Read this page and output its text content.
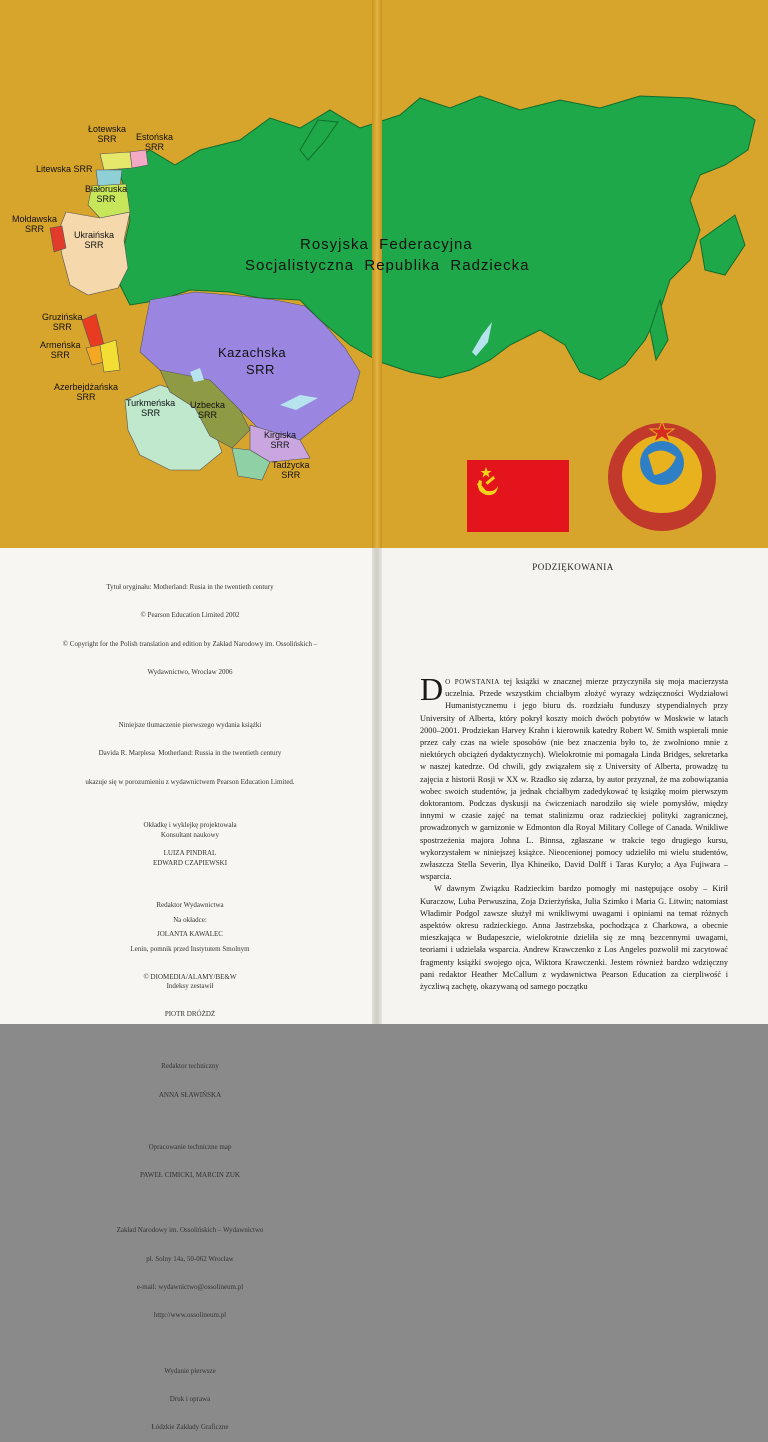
Rosyjska  Federacyjna
Socjalistyczna  Republika  Radziecka
Kazachska
SRR
Łotewska
SRR	Estońska
SRR
Litewska SRR
Białoruska
SRR
Mołdawska
SRR
Ukraińska
SRR
Gruzińska
SRR
Armeńska
SRR
Azerbejdżańska
SRR
Turkmeńska
SRR
Uzbecka
SRR
Kirgiska
SRR
Tadżycka
SRR

Tytuł oryginału: Motherland: Rusia in the twentieth century

© Pearson Education Limited 2002

© Copyright for the Polish translation and edition by Zakład Narodowy im. Ossolińskich –

Wydawnictwo, Wrocław 2006

Niniejsze tłumaczenie pierwszego wydania książki

Davida R. Marplesa  Motherland: Russia in the twentieth century

ukazuje się w porozumieniu z wydawnictwem Pearson Education Limited.

Konsultant naukowy

EDWARD CZAPIEWSKI

Na okładce:

Lenin, pomnik przed Instytutem Smolnym

© DIOMEDIA/ALAMY/BE&W

Okładkę i wyklejkę projektowała

LUIZA PINDRAL

Redaktor Wydawnictwa

JOLANTA KAWALEC

Indeksy zestawił

PIOTR DRÓŻDŻ

Redaktor techniczny

ANNA SŁAWIŃSKA

Opracowanie techniczne map

PAWEŁ CIMICKI, MARCIN ZUK

Zakład Narodowy im. Ossolińskich – Wydawnictwo

pl. Solny 14a, 50-062 Wrocław

e-mail: wydawnictwo@ossolineum.pl

http://www.ossolineum.pl

Wydanie pierwsze

Druk i oprawa

Łódzkie Zakłady Graficzne

PODZIĘKOWANIA

D O POWSTANIA tej książki w znacznej mierze przyczyniła się moja macierzysta uczelnia. Przede wszystkim chciałbym złożyć wyrazy wdzięczności Wydziałowi Humanistycznemu i jego biuru ds. rozdziału funduszy stypendialnych przy University of Alberta, który pokrył koszty moich dwóch pobytów w Moskwie w latach 2000–2001. Prodziekan Harvey Krahn i kierownik katedry Robert W. Smith wspierali mnie przez cały czas na wiele sposobów (nie bez znaczenia było to, że zwolniono mnie z niektórych obciążeń dydaktycznych). Wielokrotnie mi pomagała Linda Bridges, sekretarka w naszej katedrze. Od chwili, gdy związałem się z University of Alberta, prowadzę tu zajęcia z historii Rosji w XX w. Rzadko się zdarza, by autor przyznał, że ma zobowiązania wobec swoich studentów, ja jednak chciałbym zadedykować tę książkę moim pierwszym doktorantom. Podczas dyskusji na ćwiczeniach narodziło się wiele pomysłów, między innymi w czasie zajęć na temat stalinizmu oraz radzieckiej polityki zagranicznej, prowadzonych w garnizonie w Edmonton dla Royal Military College of Canada. Wnikliwe spostrzeżenia majora Johna L. Binnsa, zgłaszane w trakcie tego drugiego kursu, wykorzystałem w niniejszej książce. Nieocenionej pomocy udzieliło mi wielu studentów, zwłaszcza Stella Severin, Ilya Khineiko, David Dolff i Taras Kuryło; a Aya Fujiwara – wsparcia.

W dawnym Związku Radzieckim bardzo pomogły mi następujące osoby – Kirił Kuraczow, Luba Perwuszina, Zoja Dzierżyńska, Julia Szimko i Maria G. Litwin; natomiast Władimir Podgol zawsze służył mi wnikliwymi uwagami i opiniami na temat różnych aspektów okresu radzieckiego. Anna Jastrzebska, pochodząca z Charkowa, a obecnie mieszkająca w Budapeszcie, wielokrotnie dzieliła się ze mną bezcennymi uwagami, teoriami i udzielała wsparcia. Andrew Krawczenko z Los Angeles pozwolił mi zacytować fragmenty książki swojego ojca, Wiktora Krawczenki. Jestem również bardzo wdzięczny pani redaktor Heather McCallum z wydawnictwa Pearson Education za cierpliwość i życzliwą zachętę, okazywaną od samego początku
